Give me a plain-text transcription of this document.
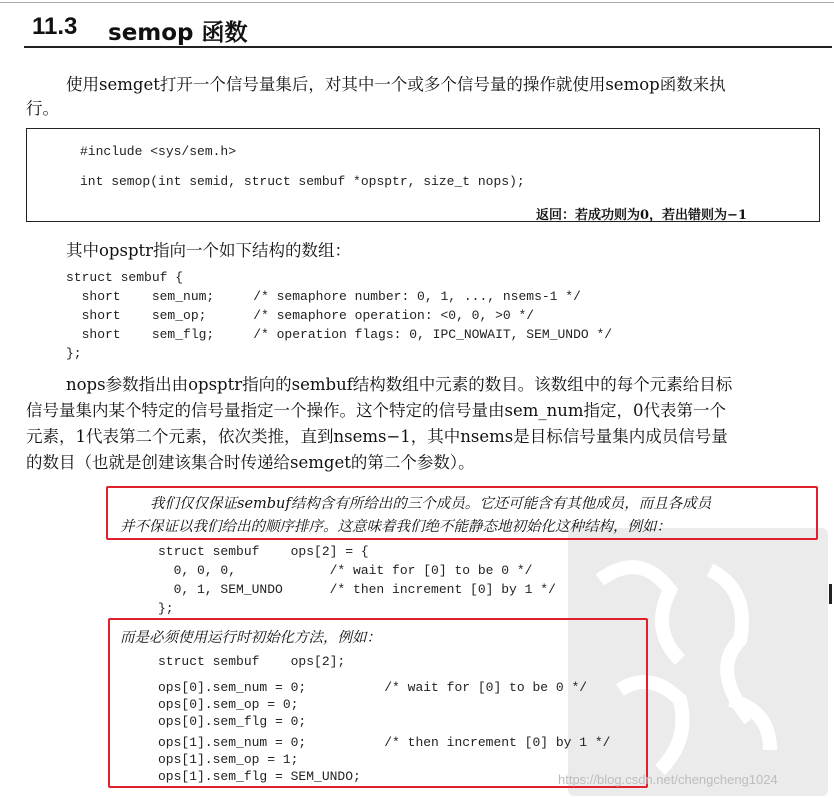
11.3 semop 函数
使用semget打开一个信号量集后，对其中一个或多个信号量的操作就使用semop函数来执
行。
#include <sys/sem.h>
int semop(int semid, struct sembuf *opsptr, size_t nops);
返回：若成功则为0，若出错则为−1
其中opsptr指向一个如下结构的数组：
struct sembuf {
short    sem_num;     /* semaphore number: 0, 1, ..., nsems-1 */
short    sem_op;      /* semaphore operation: <0, 0, >0 */
short    sem_flg;     /* operation flags: 0, IPC_NOWAIT, SEM_UNDO */
};
nops参数指出由opsptr指向的sembuf结构数组中元素的数目。该数组中的每个元素给目标
信号量集内某个特定的信号量指定一个操作。这个特定的信号量由sem_num指定，0代表第一个
元素，1代表第二个元素，依次类推，直到nsems−1，其中nsems是目标信号量集内成员信号量
的数目（也就是创建该集合时传递给semget的第二个参数）。
我们仅仅保证sembuf结构含有所给出的三个成员。它还可能含有其他成员，而且各成员
并不保证以我们给出的顺序排序。这意味着我们绝不能静态地初始化这种结构，例如：
struct sembuf    ops[2] = {
0, 0, 0,            /* wait for [0] to be 0 */
0, 1, SEM_UNDO      /* then increment [0] by 1 */
};
而是必须使用运行时初始化方法，例如：
struct sembuf    ops[2];
ops[0].sem_num = 0;          /* wait for [0] to be 0 */
ops[0].sem_op = 0;
ops[0].sem_flg = 0;
ops[1].sem_num = 0;          /* then increment [0] by 1 */
ops[1].sem_op = 1;
ops[1].sem_flg = SEM_UNDO;	https://blog.csdn.net/chengcheng1024
